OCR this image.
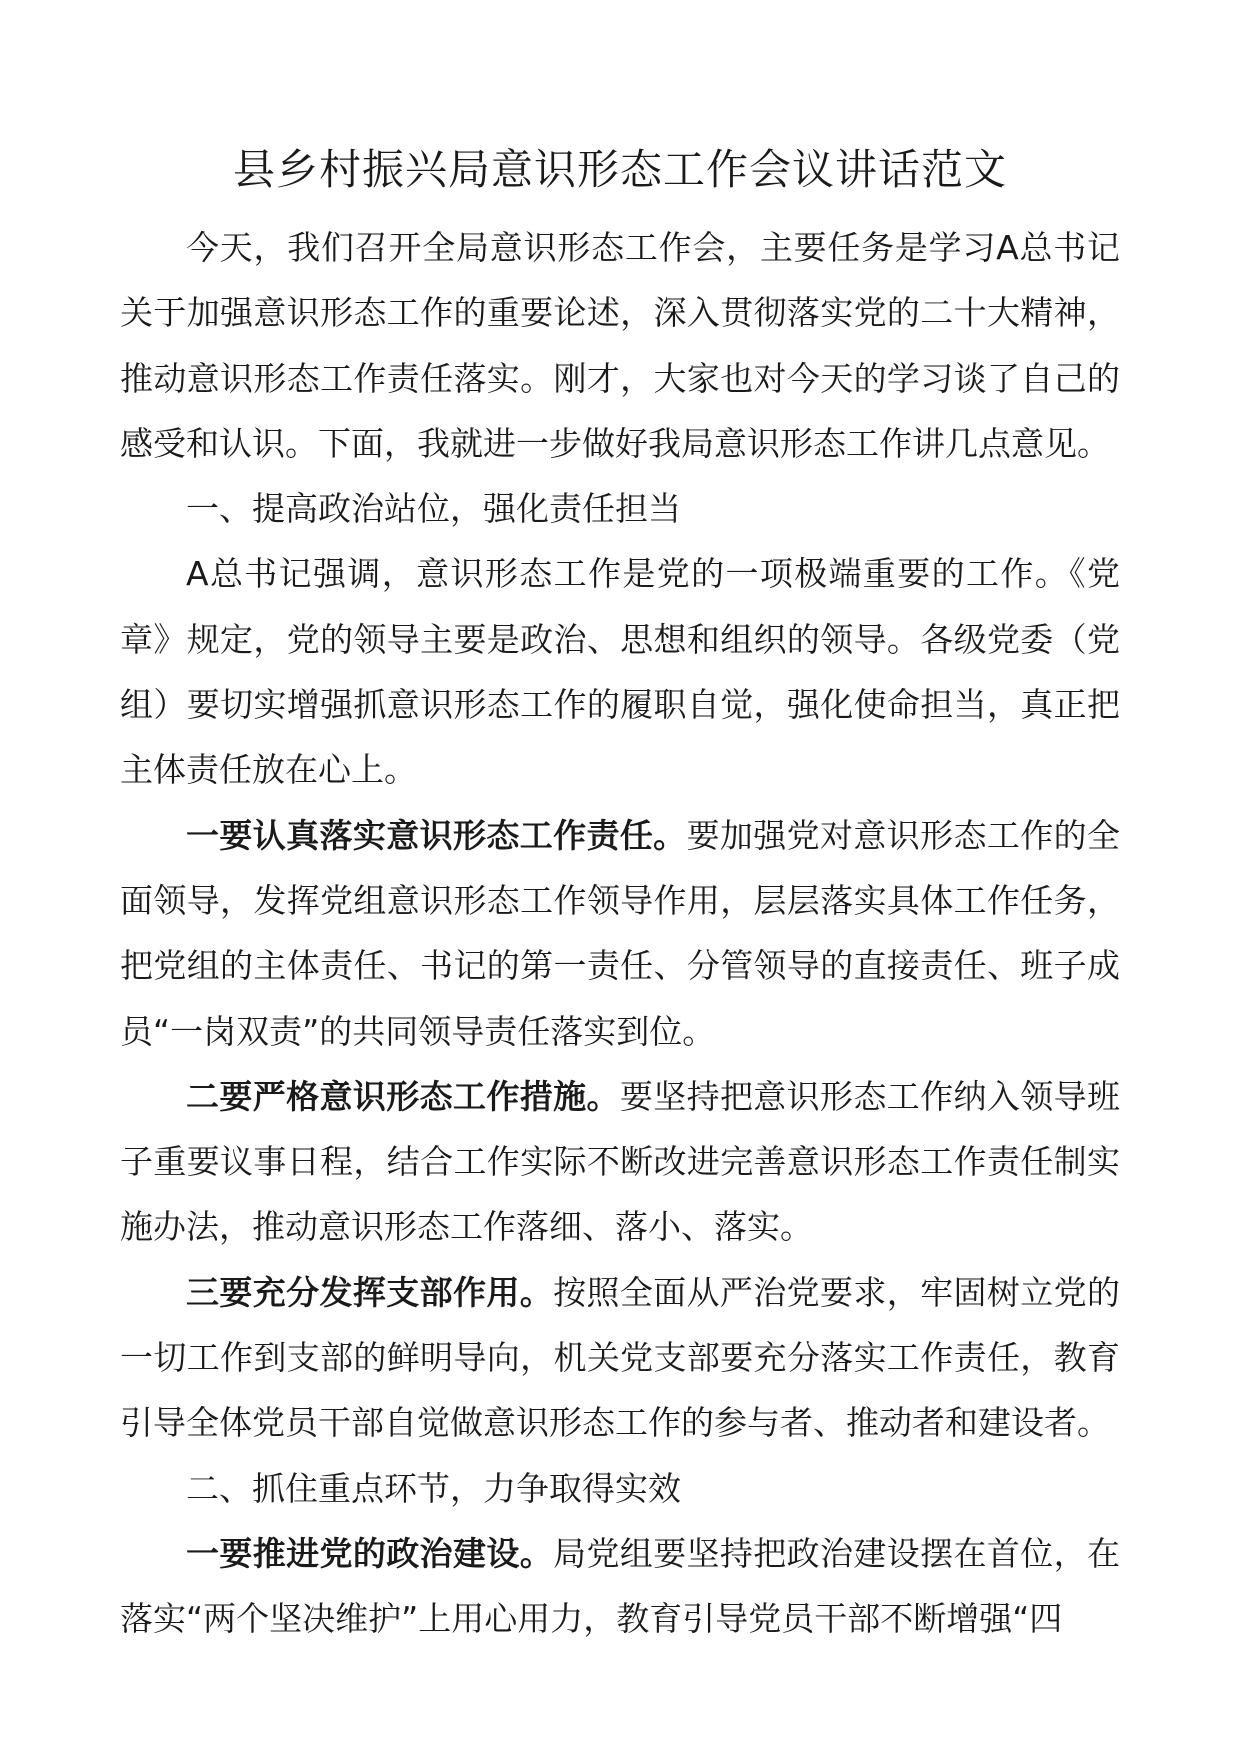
县乡村振兴局意识形态工作会议讲话范文

今天，我们召开全局意识形态工作会，主要任务是学习A总书记关于加强意识形态工作的重要论述，深入贯彻落实党的二十大精神，推动意识形态工作责任落实。刚才，大家也对今天的学习谈了自己的感受和认识。下面，我就进一步做好我局意识形态工作讲几点意见。

一、提高政治站位，强化责任担当

A总书记强调，意识形态工作是党的一项极端重要的工作。《党章》规定，党的领导主要是政治、思想和组织的领导。各级党委（党组）要切实增强抓意识形态工作的履职自觉，强化使命担当，真正把主体责任放在心上。

一要认真落实意识形态工作责任。要加强党对意识形态工作的全面领导，发挥党组意识形态工作领导作用，层层落实具体工作任务，把党组的主体责任、书记的第一责任、分管领导的直接责任、班子成员“一岗双责”的共同领导责任落实到位。

二要严格意识形态工作措施。要坚持把意识形态工作纳入领导班子重要议事日程，结合工作实际不断改进完善意识形态工作责任制实施办法，推动意识形态工作落细、落小、落实。

三要充分发挥支部作用。按照全面从严治党要求，牢固树立党的一切工作到支部的鲜明导向，机关党支部要充分落实工作责任，教育引导全体党员干部自觉做意识形态工作的参与者、推动者和建设者。

二、抓住重点环节，力争取得实效

一要推进党的政治建设。局党组要坚持把政治建设摆在首位，在落实“两个坚决维护”上用心用力，教育引导党员干部不断增强“四
